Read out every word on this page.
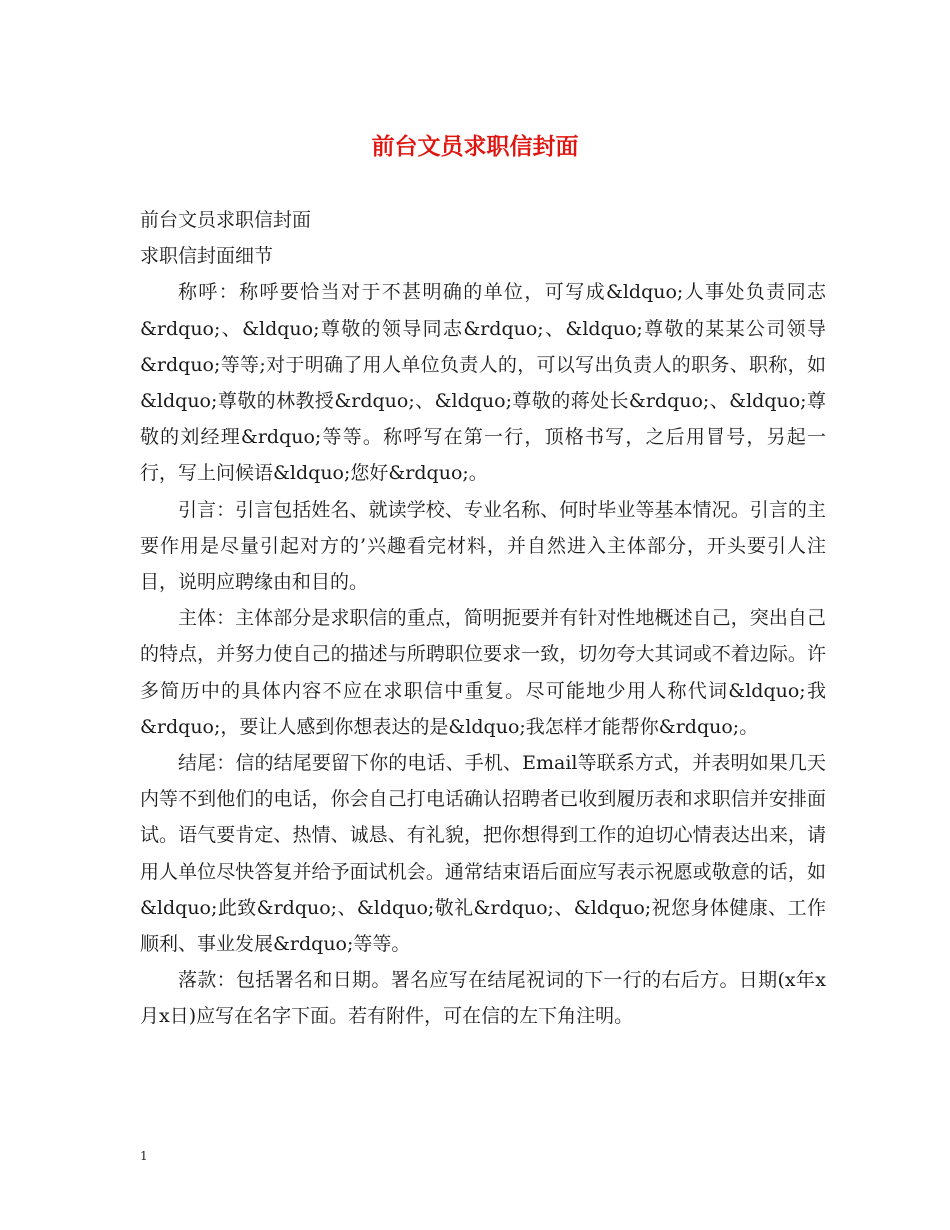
前台文员求职信封面

前台文员求职信封面

求职信封面细节

称呼：称呼要恰当对于不甚明确的单位，可写成&ldquo;人事处负责同志&rdquo;、&ldquo;尊敬的领导同志&rdquo;、&ldquo;尊敬的某某公司领导&rdquo;等等;对于明确了用人单位负责人的，可以写出负责人的职务、职称，如&ldquo;尊敬的林教授&rdquo;、&ldquo;尊敬的蒋处长&rdquo;、&ldquo;尊敬的刘经理&rdquo;等等。称呼写在第一行，顶格书写，之后用冒号，另起一行，写上问候语&ldquo;您好&rdquo;。

引言：引言包括姓名、就读学校、专业名称、何时毕业等基本情况。引言的主要作用是尽量引起对方的’兴趣看完材料，并自然进入主体部分，开头要引人注目，说明应聘缘由和目的。

主体：主体部分是求职信的重点，简明扼要并有针对性地概述自己，突出自己的特点，并努力使自己的描述与所聘职位要求一致，切勿夸大其词或不着边际。许多简历中的具体内容不应在求职信中重复。尽可能地少用人称代词&ldquo;我&rdquo;，要让人感到你想表达的是&ldquo;我怎样才能帮你&rdquo;。

结尾：信的结尾要留下你的电话、手机、Email等联系方式，并表明如果几天内等不到他们的电话，你会自己打电话确认招聘者已收到履历表和求职信并安排面试。语气要肯定、热情、诚恳、有礼貌，把你想得到工作的迫切心情表达出来，请用人单位尽快答复并给予面试机会。通常结束语后面应写表示祝愿或敬意的话，如&ldquo;此致&rdquo;、&ldquo;敬礼&rdquo;、&ldquo;祝您身体健康、工作顺利、事业发展&rdquo;等等。

落款：包括署名和日期。署名应写在结尾祝词的下一行的右后方。日期(x年x月x日)应写在名字下面。若有附件，可在信的左下角注明。

1
